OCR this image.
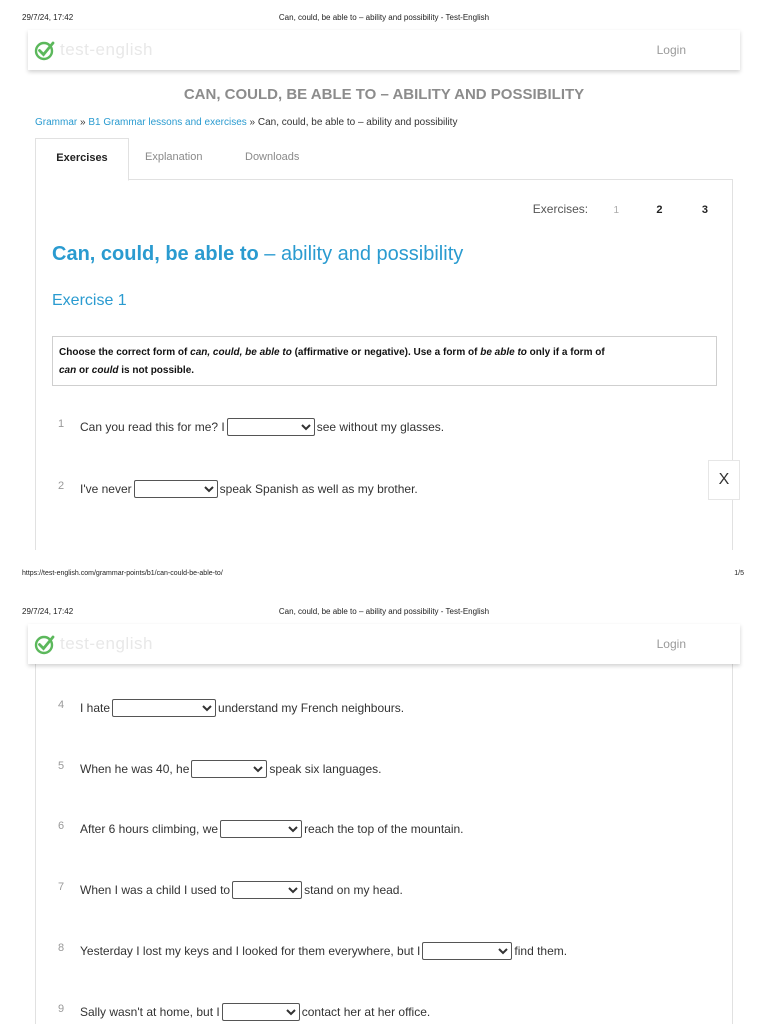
29/7/24, 17:42	Can, could, be able to – ability and possibility - Test-English
test-english	Login
CAN, COULD, BE ABLE TO – ABILITY AND POSSIBILITY
Grammar » B1 Grammar lessons and exercises » Can, could, be able to – ability and possibility
Exercises	Explanation	Downloads
Exercises:	1	2	3
Can, could, be able to – ability and possibility
Exercise 1
Choose the correct form of can, could, be able to (affirmative or negative). Use a form of be able to only if a form of
can or could is not possible.
1	Can you read this for me? I	see without my glasses.
2	I've never	speak Spanish as well as my brother.
X
https://test-english.com/grammar-points/b1/can-could-be-able-to/	1/5
29/7/24, 17:42	Can, could, be able to – ability and possibility - Test-English
test-english	Login
4	I hate	understand my French neighbours.
5	When he was 40, he	speak six languages.
6	After 6 hours climbing, we	reach the top of the mountain.
7	When I was a child I used to	stand on my head.
8	Yesterday I lost my keys and I looked for them everywhere, but I	find them.
9	Sally wasn't at home, but I	contact her at her office.
